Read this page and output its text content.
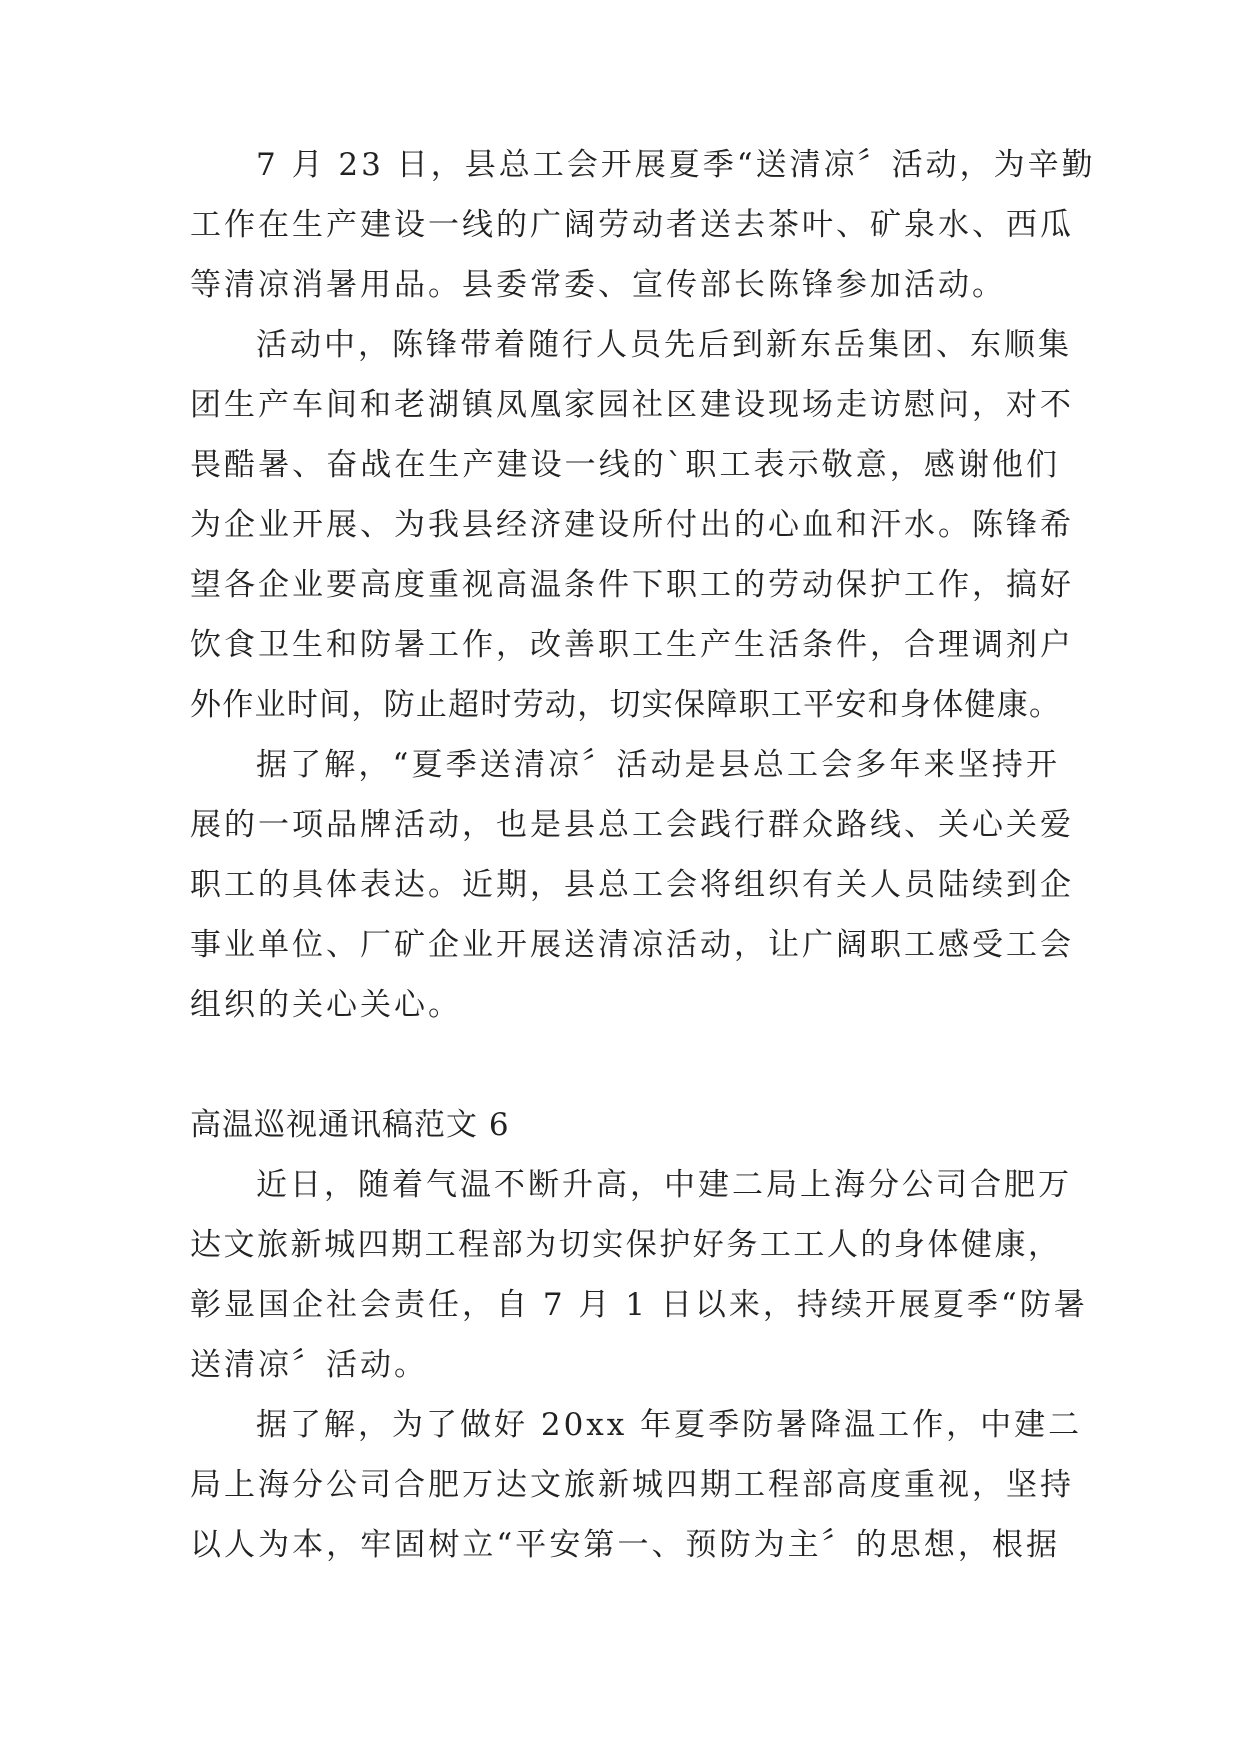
7 月 23 日，县总工会开展夏季“送清凉〞活动，为辛勤
工作在生产建设一线的广阔劳动者送去茶叶、矿泉水、西瓜
等清凉消暑用品。县委常委、宣传部长陈锋参加活动。
活动中，陈锋带着随行人员先后到新东岳集团、东顺集
团生产车间和老湖镇凤凰家园社区建设现场走访慰问，对不
畏酷暑、奋战在生产建设一线的`职工表示敬意，感谢他们
为企业开展、为我县经济建设所付出的心血和汗水。陈锋希
望各企业要高度重视高温条件下职工的劳动保护工作，搞好
饮食卫生和防暑工作，改善职工生产生活条件，合理调剂户
外作业时间，防止超时劳动，切实保障职工平安和身体健康。
据了解，“夏季送清凉〞活动是县总工会多年来坚持开
展的一项品牌活动，也是县总工会践行群众路线、关心关爱
职工的具体表达。近期，县总工会将组织有关人员陆续到企
事业单位、厂矿企业开展送清凉活动，让广阔职工感受工会
组织的关心关心。
高温巡视通讯稿范文 6
近日，随着气温不断升高，中建二局上海分公司合肥万
达文旅新城四期工程部为切实保护好务工工人的身体健康，
彰显国企社会责任，自 7 月 1 日以来，持续开展夏季“防暑
送清凉〞活动。
据了解，为了做好 20xx 年夏季防暑降温工作，中建二
局上海分公司合肥万达文旅新城四期工程部高度重视，坚持
以人为本，牢固树立“平安第一、预防为主〞的思想，根据
